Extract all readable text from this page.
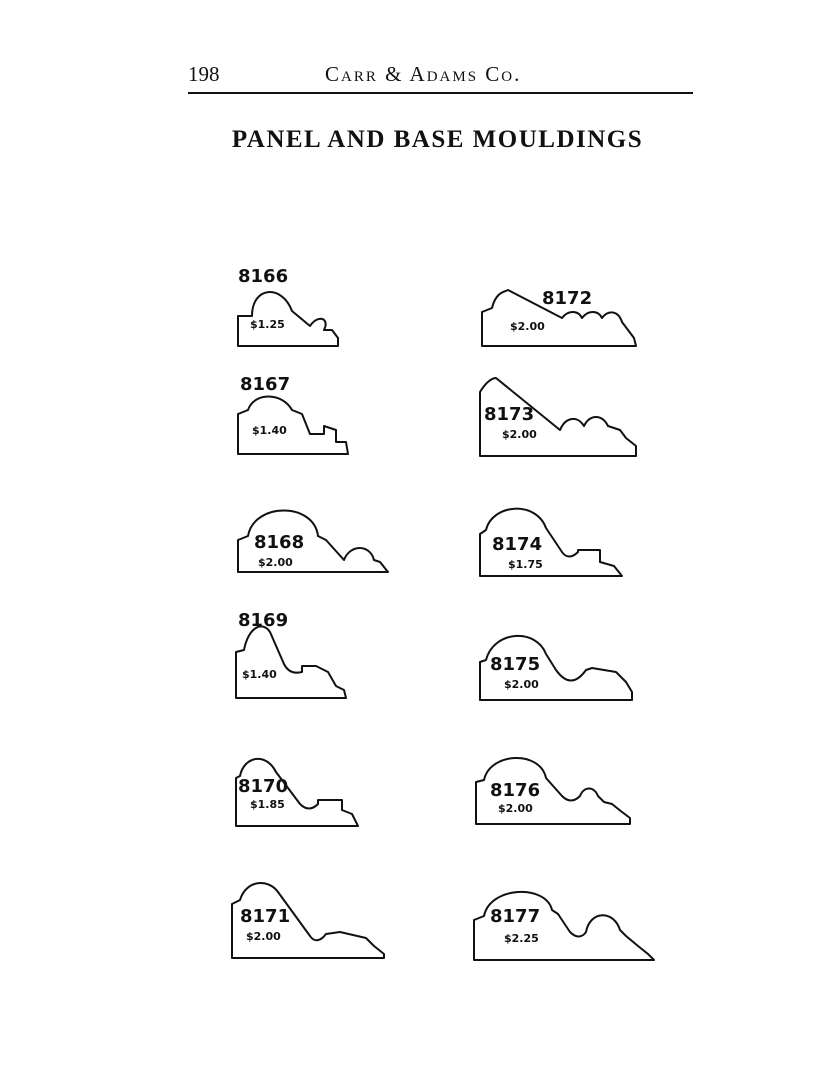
198	Carr & Adams Co.
PANEL AND BASE MOULDINGS
8166
$1.25
8167
$1.40
8168
$2.00
8169
$1.40
8170
$1.85
8171
$2.00
8172
$2.00
8173
$2.00
8174
$1.75
8175
$2.00
8176
$2.00
8177
$2.25
